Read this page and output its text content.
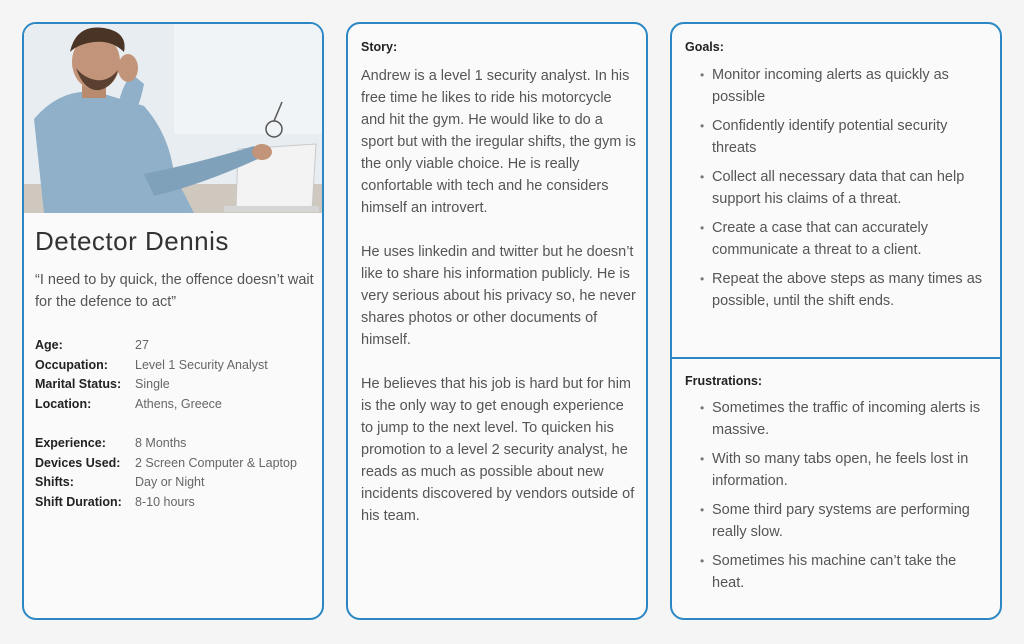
Detector Dennis
“I need to by quick, the offence doesn’t wait for the defence to act”
Age:	27
Occupation:	Level 1 Security Analyst
Marital Status:	Single
Location:	Athens, Greece
Experience:	8 Months
Devices Used:	2 Screen Computer & Laptop
Shifts:	Day or Night
Shift Duration:	8-10 hours
Story:

Andrew is a level 1 security analyst. In his free time he likes to ride his motorcycle and hit the gym. He would like to do a sport but with the iregular shifts, the gym is the only viable choice. He is really confortable with tech and he considers himself an introvert.

He uses linkedin and twitter but he doesn’t like to share his information publicly. He is very serious about his privacy so, he never shares photos or other documents of himself.

He believes that his job is hard but for him is the only way to get enough experience to jump to the next level. To quicken his promotion to a level 2 security analyst, he reads as much as possible about new incidents discovered by vendors outside of his team.

Goals:
• Monitor incoming alerts as quickly as possible
• Confidently identify potential security threats
• Collect all necessary data that can help support his claims of a threat.
• Create a case that can accurately communicate a threat to a client.
• Repeat the above steps as many times as possible, until the shift ends.
Frustrations:
• Sometimes the traffic of incoming alerts is massive.
• With so many tabs open, he feels lost in information.
• Some third pary systems are performing really slow.
• Sometimes his machine can’t take the heat.
